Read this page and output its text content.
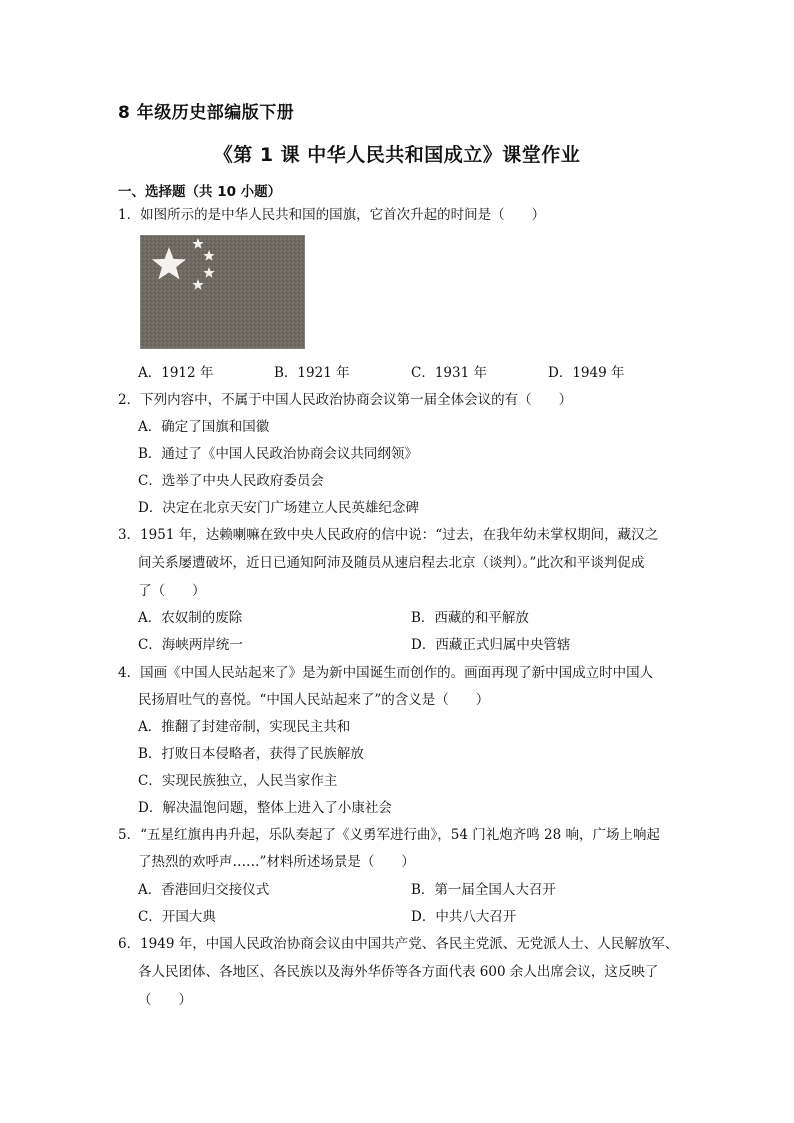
8 年级历史部编版下册
《第 1 课 中华人民共和国成立》课堂作业
一、选择题（共 10 小题）
1．如图所示的是中华人民共和国的国旗，它首次升起的时间是（　　）
A．1912 年	B．1921 年	C．1931 年	D．1949 年
2．下列内容中，不属于中国人民政治协商会议第一届全体会议的有（　　）
A．确定了国旗和国徽
B．通过了《中国人民政治协商会议共同纲领》
C．选举了中央人民政府委员会
D．决定在北京天安门广场建立人民英雄纪念碑
3．1951 年，达赖喇嘛在致中央人民政府的信中说：“过去，在我年幼未掌权期间，藏汉之
间关系屡遭破坏，近日已通知阿沛及随员从速启程去北京（谈判）。”此次和平谈判促成
了（　　）
A．农奴制的废除	B．西藏的和平解放
C．海峡两岸统一	D．西藏正式归属中央管辖
4．国画《中国人民站起来了》是为新中国诞生而创作的。画面再现了新中国成立时中国人
民扬眉吐气的喜悦。“中国人民站起来了”的含义是（　　）
A．推翻了封建帝制，实现民主共和
B．打败日本侵略者，获得了民族解放
C．实现民族独立，人民当家作主
D．解决温饱问题，整体上进入了小康社会
5．“五星红旗冉冉升起，乐队奏起了《义勇军进行曲》，54 门礼炮齐鸣 28 响，广场上响起
了热烈的欢呼声……”材料所述场景是（　　）
A．香港回归交接仪式	B．第一届全国人大召开
C．开国大典	D．中共八大召开
6．1949 年，中国人民政治协商会议由中国共产党、各民主党派、无党派人士、人民解放军、
各人民团体、各地区、各民族以及海外华侨等各方面代表 600 余人出席会议，这反映了
（　　）
